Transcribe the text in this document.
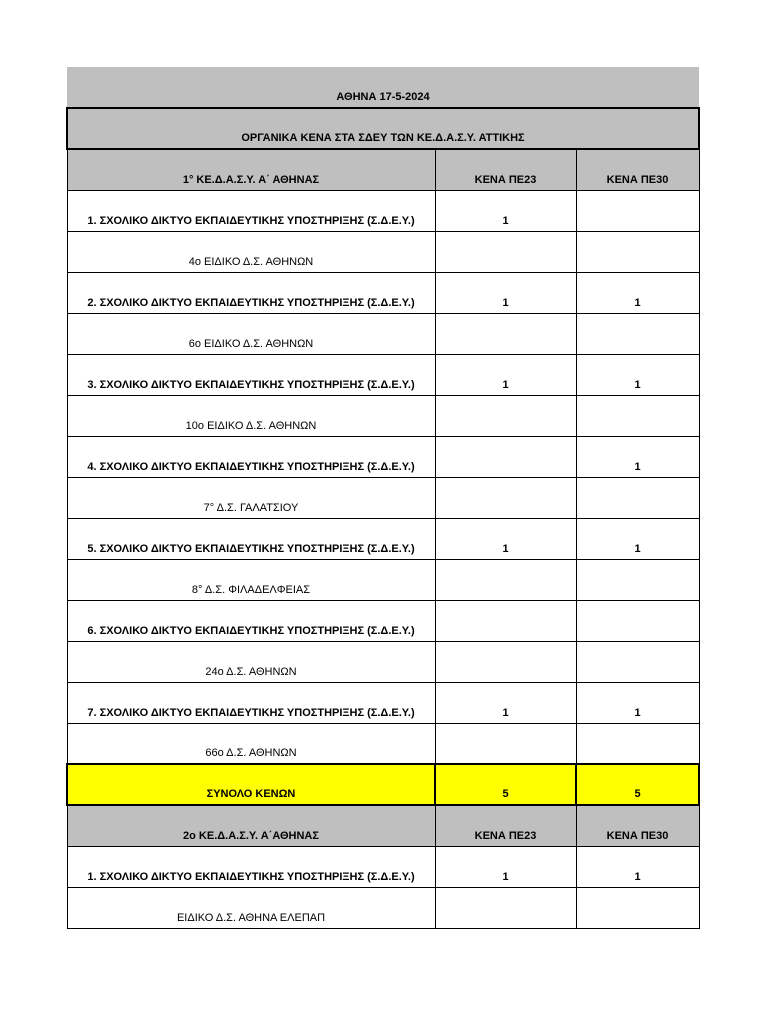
ΑΘΗΝΑ 17-5-2024		
ΟΡΓΑΝΙΚΑ ΚΕΝΑ ΣΤΑ ΣΔΕΥ ΤΩΝ ΚΕ.Δ.Α.Σ.Υ. ΑΤΤΙΚΗΣ		
1° ΚΕ.Δ.Α.Σ.Υ. Α΄ ΑΘΗΝΑΣ	ΚΕΝΑ ΠΕ23	ΚΕΝΑ ΠΕ30
1. ΣΧΟΛΙΚΟ ΔΙΚΤΥΟ ΕΚΠΑΙΔΕΥΤΙΚΗΣ ΥΠΟΣΤΗΡΙΞΗΣ (Σ.Δ.Ε.Υ.)	1	
4ο ΕΙΔΙΚΟ Δ.Σ. ΑΘΗΝΩΝ		
2. ΣΧΟΛΙΚΟ ΔΙΚΤΥΟ ΕΚΠΑΙΔΕΥΤΙΚΗΣ ΥΠΟΣΤΗΡΙΞΗΣ (Σ.Δ.Ε.Υ.)	1	1
6ο ΕΙΔΙΚΟ Δ.Σ. ΑΘΗΝΩΝ		
3. ΣΧΟΛΙΚΟ ΔΙΚΤΥΟ ΕΚΠΑΙΔΕΥΤΙΚΗΣ ΥΠΟΣΤΗΡΙΞΗΣ (Σ.Δ.Ε.Υ.)	1	1
10ο ΕΙΔΙΚΟ Δ.Σ. ΑΘΗΝΩΝ		
4. ΣΧΟΛΙΚΟ ΔΙΚΤΥΟ ΕΚΠΑΙΔΕΥΤΙΚΗΣ ΥΠΟΣΤΗΡΙΞΗΣ (Σ.Δ.Ε.Υ.)		1
7° Δ.Σ. ΓΑΛΑΤΣΙΟΥ		
5. ΣΧΟΛΙΚΟ ΔΙΚΤΥΟ ΕΚΠΑΙΔΕΥΤΙΚΗΣ ΥΠΟΣΤΗΡΙΞΗΣ (Σ.Δ.Ε.Υ.)	1	1
8° Δ.Σ. ΦΙΛΑΔΕΛΦΕΙΑΣ		
6. ΣΧΟΛΙΚΟ ΔΙΚΤΥΟ ΕΚΠΑΙΔΕΥΤΙΚΗΣ ΥΠΟΣΤΗΡΙΞΗΣ (Σ.Δ.Ε.Υ.)		
24ο Δ.Σ. ΑΘΗΝΩΝ		
7. ΣΧΟΛΙΚΟ ΔΙΚΤΥΟ ΕΚΠΑΙΔΕΥΤΙΚΗΣ ΥΠΟΣΤΗΡΙΞΗΣ (Σ.Δ.Ε.Υ.)	1	1
66ο Δ.Σ. ΑΘΗΝΩΝ		
ΣΥΝΟΛΟ ΚΕΝΩΝ	5	5
2ο ΚΕ.Δ.Α.Σ.Υ. Α΄ΑΘΗΝΑΣ	ΚΕΝΑ ΠΕ23	ΚΕΝΑ ΠΕ30
1. ΣΧΟΛΙΚΟ ΔΙΚΤΥΟ ΕΚΠΑΙΔΕΥΤΙΚΗΣ ΥΠΟΣΤΗΡΙΞΗΣ (Σ.Δ.Ε.Υ.)	1	1
ΕΙΔΙΚΟ Δ.Σ. ΑΘΗΝΑ ΕΛΕΠΑΠ		
